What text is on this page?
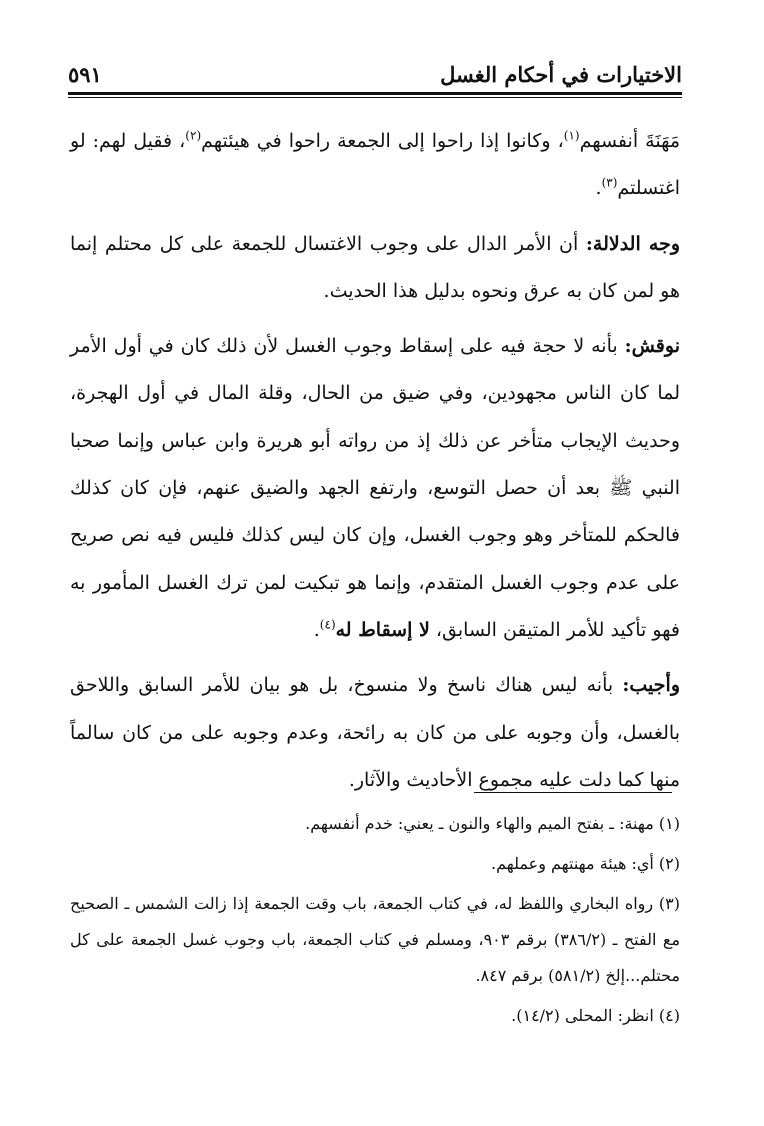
الاختيارات في أحكام الغسل
٥٩١

مَهَنَةَ أنفسهم$^{(١)}$، وكانوا إذا راحوا إلى الجمعة راحوا في هيئتهم$^{(٢)}$، فقيل لهم: لو اغتسلتم$^{(٣)}$.

وجه الدلالة: أن الأمر الدال على وجوب الاغتسال للجمعة على كل محتلم إنما هو لمن كان به عرق ونحوه بدليل هذا الحديث.

نوقش: بأنه لا حجة فيه على إسقاط وجوب الغسل لأن ذلك كان في أول الأمر لما كان الناس مجهودين، وفي ضيق من الحال، وقلة المال في أول الهجرة، وحديث الإيجاب متأخر عن ذلك إذ من رواته أبو هريرة وابن عباس وإنما صحبا النبي ﷺ بعد أن حصل التوسع، وارتفع الجهد والضيق عنهم، فإن كان كذلك فالحكم للمتأخر وهو وجوب الغسل، وإن كان ليس كذلك فليس فيه نص صريح على عدم وجوب الغسل المتقدم، وإنما هو تبكيت لمن ترك الغسل المأمور به فهو تأكيد للأمر المتيقن السابق، لا إسقاط له$^{(٤)}$.

وأجيب: بأنه ليس هناك ناسخ ولا منسوخ، بل هو بيان للأمر السابق واللاحق بالغسل، وأن وجوبه على من كان به رائحة، وعدم وجوبه على من كان سالماً منها كما دلت عليه مجموع الأحاديث والآثار.

(١) مهنة: ـ بفتح الميم والهاء والنون ـ يعني: خدم أنفسهم.

(٢) أي: هيئة مهنتهم وعملهم.

(٣) رواه البخاري واللفظ له، في كتاب الجمعة، باب وقت الجمعة إذا زالت الشمس ـ الصحيح مع الفتح ـ (٣٨٦/٢) برقم ٩٠٣، ومسلم في كتاب الجمعة، باب وجوب غسل الجمعة على كل محتلم...إلخ (٥٨١/٢) برقم ٨٤٧.

(٤) انظر: المحلى (١٤/٢).
